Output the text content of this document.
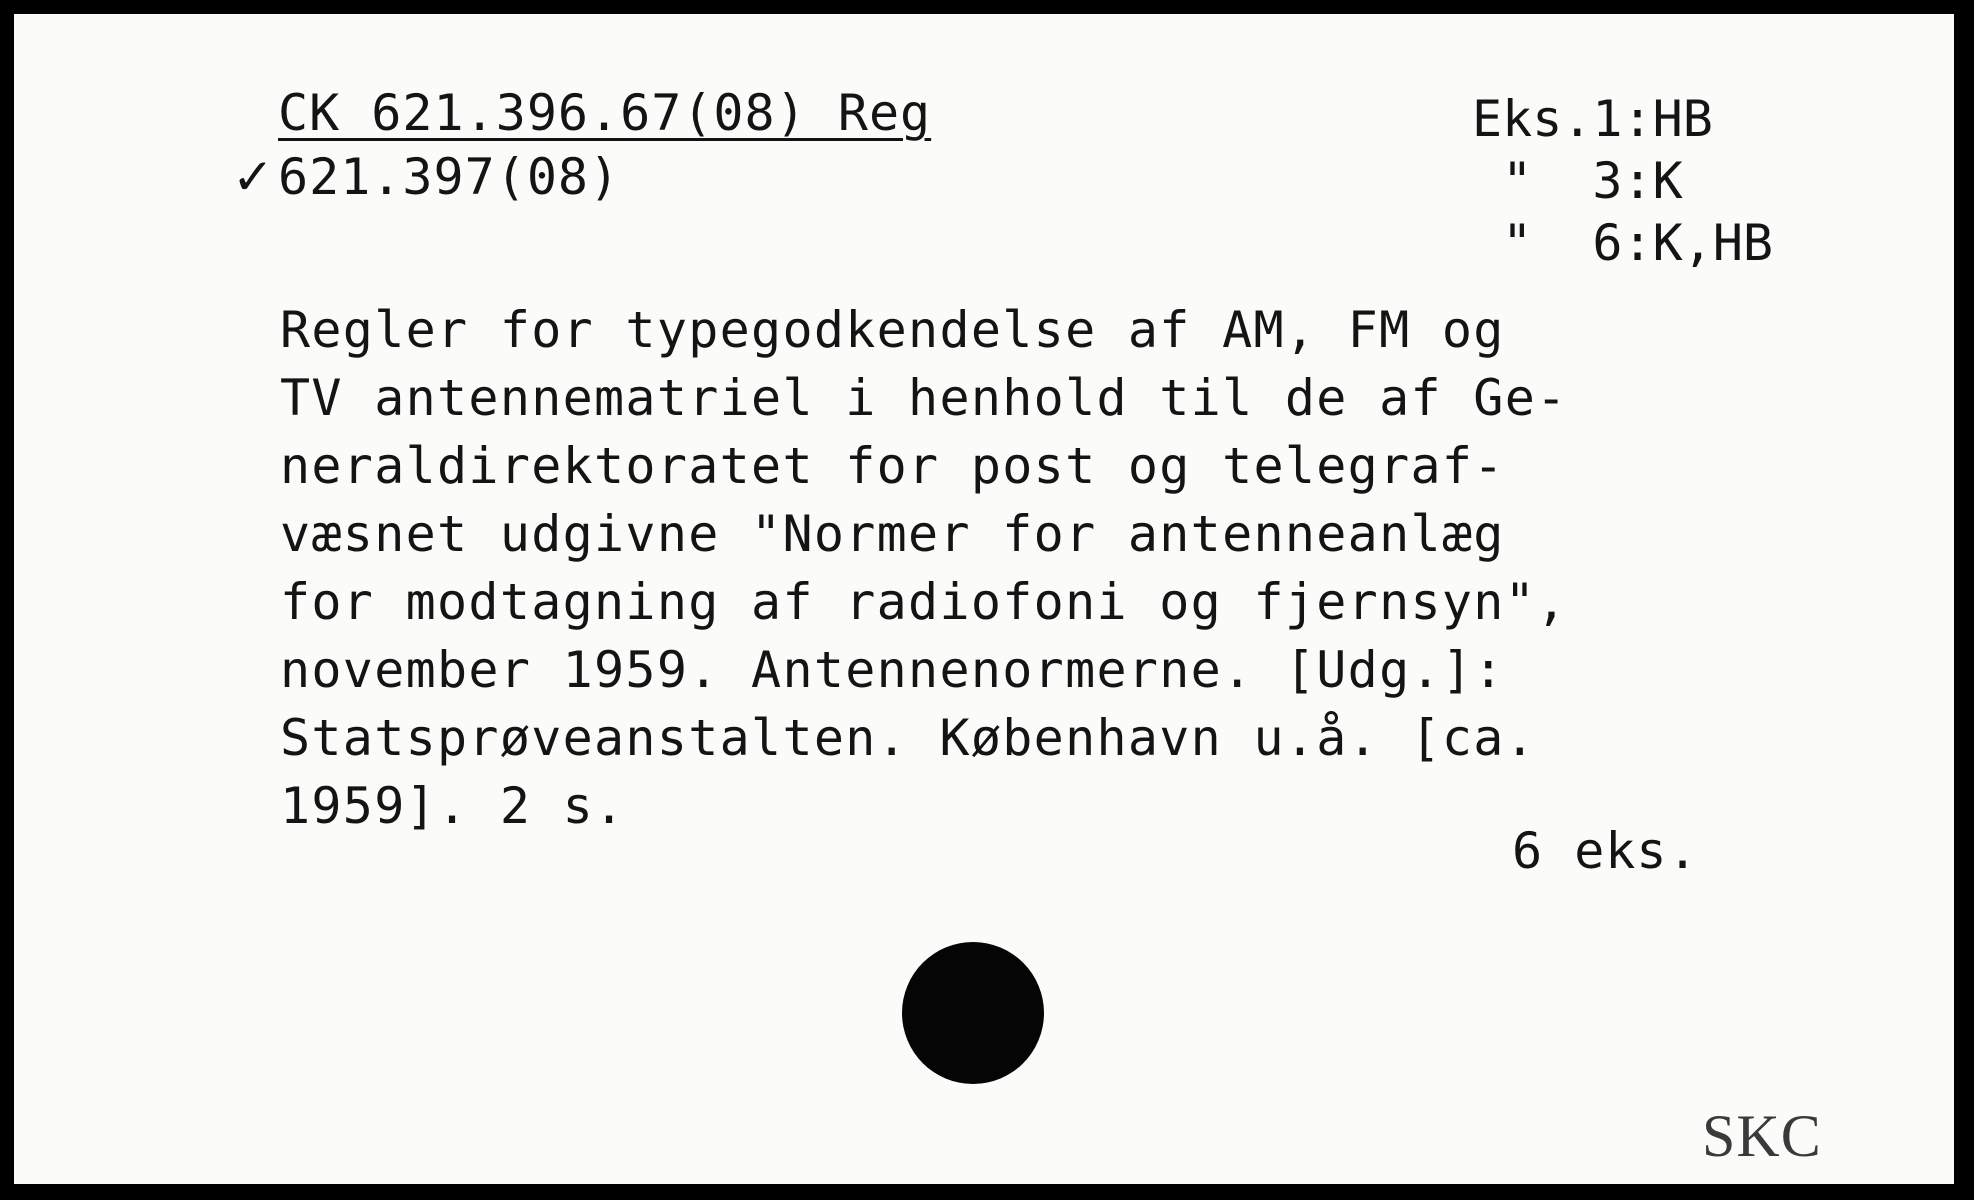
CK 621.396.67(08) Reg
✓ 621.397(08)
Eks.1:HB
"  3:K
"  6:K,HB
Regler for typegodkendelse af AM, FM og
TV antennematriel i henhold til de af Ge-
neraldirektoratet for post og telegraf-
væsnet udgivne "Normer for antenneanlæg
for modtagning af radiofoni og fjernsyn",
november 1959. Antennenormerne. [Udg.]:
Statsprøveanstalten. København u.å. [ca.
1959]. 2 s.
6 eks.
SKC
